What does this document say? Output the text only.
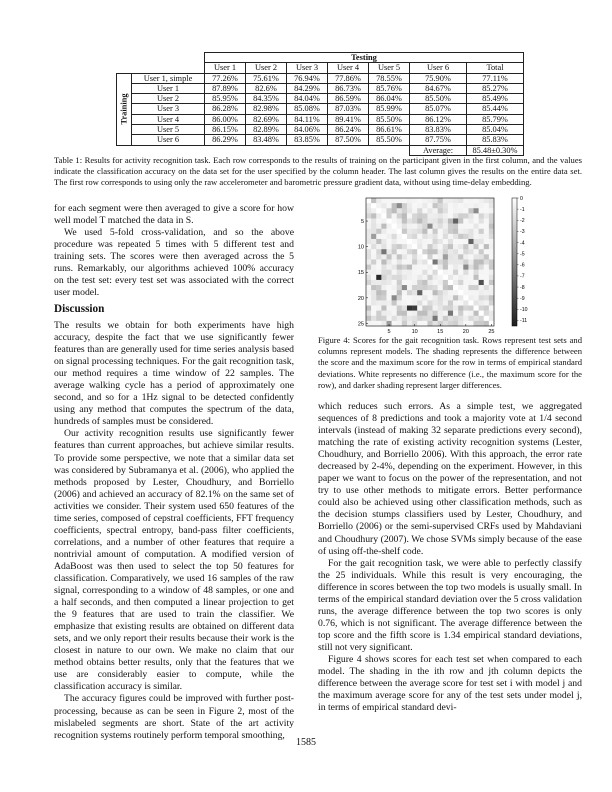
		Testing						
		User 1	User 2	User 3	User 4	User 5	User 6	Total

Training	User 1, simple	77.26%	75.61%	76.94%	77.86%	78.55%	75.90%	77.11%
	User 1	87.89%	82.6%	84.29%	86.73%	85.76%	84.67%	85.27%
	User 2	85.95%	84.35%	84.04%	86.59%	86.04%	85.50%	85.49%
	User 3	86.28%	82.98%	85.08%	87.03%	85.99%	85.07%	85.44%
	User 4	86.00%	82.69%	84.11%	89.41%	85.50%	86.12%	85.79%
	User 5	86.15%	82.89%	84.06%	86.24%	86.61%	83.83%	85.04%
	User 6	86.29%	83.48%	83.85%	87.50%	85.50%	87.75%	85.83%
							Average:	85.48±0.30%

Table 1: Results for activity recognition task. Each row corresponds to the results of training on the participant given in the first column, and the values indicate the classification accuracy on the data set for the user specified by the column header. The last column gives the results on the entire data set. The first row corresponds to using only the raw accelerometer and barometric pressure gradient data, without using time-delay embedding.

for each segment were then averaged to give a score for how well model T matched the data in S.

We used 5-fold cross-validation, and so the above procedure was repeated 5 times with 5 different test and training sets. The scores were then averaged across the 5 runs. Remarkably, our algorithms achieved 100% accuracy on the test set: every test set was associated with the correct user model.

Discussion

The results we obtain for both experiments have high accuracy, despite the fact that we use significantly fewer features than are generally used for time series analysis based on signal processing techniques. For the gait recognition task, our method requires a time window of 22 samples. The average walking cycle has a period of approximately one second, and so for a 1Hz signal to be detected confidently using any method that computes the spectrum of the data, hundreds of samples must be considered.

Our activity recognition results use significantly fewer features than current approaches, but achieve similar results. To provide some perspective, we note that a similar data set was considered by Subramanya et al. (2006), who applied the methods proposed by Lester, Choudhury, and Borriello (2006) and achieved an accuracy of 82.1% on the same set of activities we consider. Their system used 650 features of the time series, composed of cepstral coefficients, FFT frequency coefficients, spectral entropy, band-pass filter coefficients, correlations, and a number of other features that require a nontrivial amount of computation. A modified version of AdaBoost was then used to select the top 50 features for classification. Comparatively, we used 16 samples of the raw signal, corresponding to a window of 48 samples, or one and a half seconds, and then computed a linear projection to get the 9 features that are used to train the classifier. We emphasize that existing results are obtained on different data sets, and we only report their results because their work is the closest in nature to our own. We make no claim that our method obtains better results, only that the features that we use are considerably easier to compute, while the classification accuracy is similar.

The accuracy figures could be improved with further post-processing, because as can be seen in Figure 2, most of the mislabeled segments are short. State of the art activity recognition systems routinely perform temporal smoothing,

5	10	15	20	25
5
10
15
20
25
0
-1
-2
-3
-4
-5
-6
-7
-8
-9
-10
-11

Figure 4: Scores for the gait recognition task. Rows represent test sets and columns represent models. The shading represents the difference between the score and the maximum score for the row in terms of empirical standard deviations. White represents no difference (i.e., the maximum score for the row), and darker shading represent larger differences.

which reduces such errors. As a simple test, we aggregated sequences of 8 predictions and took a majority vote at 1/4 second intervals (instead of making 32 separate predictions every second), matching the rate of existing activity recognition systems (Lester, Choudhury, and Borriello 2006). With this approach, the error rate decreased by 2-4%, depending on the experiment. However, in this paper we want to focus on the power of the representation, and not try to use other methods to mitigate errors. Better performance could also be achieved using other classification methods, such as the decision stumps classifiers used by Lester, Choudhury, and Borriello (2006) or the semi-supervised CRFs used by Mahdaviani and Choudhury (2007). We chose SVMs simply because of the ease of using off-the-shelf code.

For the gait recognition task, we were able to perfectly classify the 25 individuals. While this result is very encouraging, the difference in scores between the top two models is usually small. In terms of the empirical standard deviation over the 5 cross validation runs, the average difference between the top two scores is only 0.76, which is not significant. The average difference between the top score and the fifth score is 1.34 empirical standard deviations, still not very significant.

Figure 4 shows scores for each test set when compared to each model. The shading in the ith row and jth column depicts the difference between the average score for test set i with model j and the maximum average score for any of the test sets under model j, in terms of empirical standard devi-

1585
